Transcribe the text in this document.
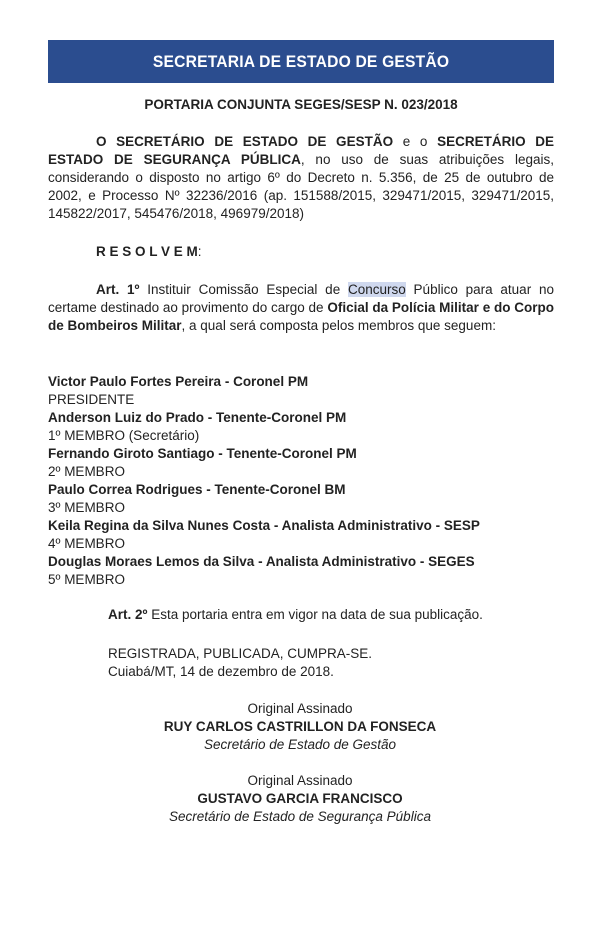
SECRETARIA DE ESTADO DE GESTÃO
PORTARIA CONJUNTA SEGES/SESP N. 023/2018

O SECRETÁRIO DE ESTADO DE GESTÃO e o SECRETÁRIO DE ESTADO DE SEGURANÇA PÚBLICA, no uso de suas atribuições legais, considerando o disposto no artigo 6º do Decreto n. 5.356, de 25 de outubro de 2002, e Processo Nº 32236/2016 (ap. 151588/2015, 329471/2015, 329471/2015, 145822/2017, 545476/2018, 496979/2018)

R E S O L V E M:

Art. 1º Instituir Comissão Especial de Concurso Público para atuar no certame destinado ao provimento do cargo de Oficial da Polícia Militar e do Corpo de Bombeiros Militar, a qual será composta pelos membros que seguem:

Victor Paulo Fortes Pereira - Coronel PM
PRESIDENTE
Anderson Luiz do Prado - Tenente-Coronel PM
1º MEMBRO (Secretário)
Fernando Giroto Santiago - Tenente-Coronel PM
2º MEMBRO
Paulo Correa Rodrigues - Tenente-Coronel BM
3º MEMBRO
Keila Regina da Silva Nunes Costa - Analista Administrativo - SESP
4º MEMBRO
Douglas Moraes Lemos da Silva - Analista Administrativo - SEGES
5º MEMBRO
Art. 2º Esta portaria entra em vigor na data de sua publicação.
REGISTRADA, PUBLICADA, CUMPRA-SE.
Cuiabá/MT, 14 de dezembro de 2018.
Original Assinado
RUY CARLOS CASTRILLON DA FONSECA
Secretário de Estado de Gestão
Original Assinado
GUSTAVO GARCIA FRANCISCO
Secretário de Estado de Segurança Pública
